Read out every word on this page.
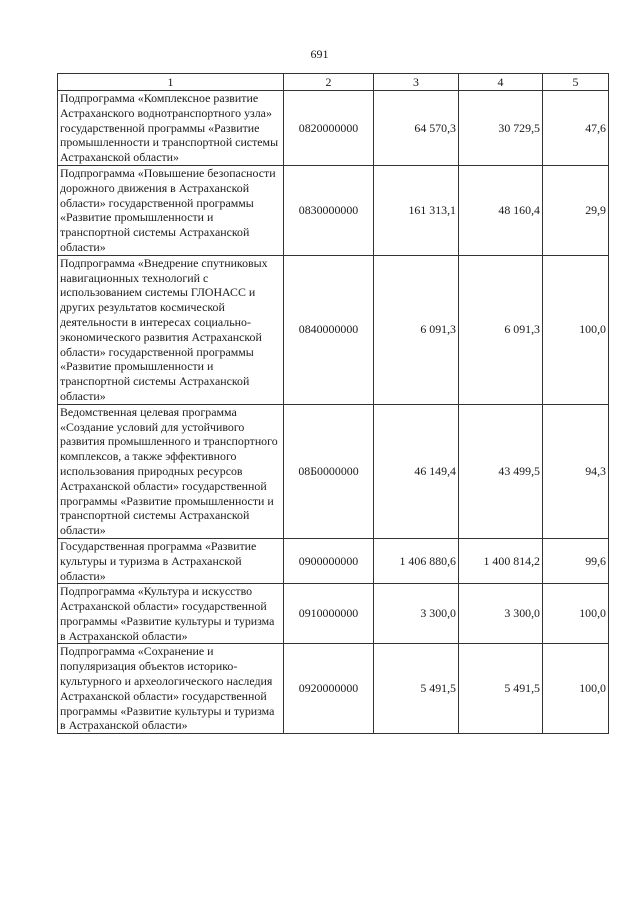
691
1	2	3	4	5
Подпрограмма «Комплексное развитие Астраханского воднотранспортного узла» государственной программы «Развитие промышленности и транспортной системы Астраханской области»	0820000000	64 570,3	30 729,5	47,6
Подпрограмма «Повышение безопасности дорожного движения в Астраханской области» государственной программы «Развитие промышленности и транспортной системы Астраханской области»	0830000000	161 313,1	48 160,4	29,9
Подпрограмма «Внедрение спутниковых навигационных технологий с использованием системы ГЛОНАСС и других результатов космической деятельности в интересах социально-экономического развития Астраханской области» государственной программы «Развитие промышленности и транспортной системы Астраханской области»	0840000000	6 091,3	6 091,3	100,0
Ведомственная целевая программа «Создание условий для устойчивого развития промышленного и транспортного комплексов, а также эффективного использования природных ресурсов Астраханской области» государственной программы «Развитие промышленности и транспортной системы Астраханской области»	08Б0000000	46 149,4	43 499,5	94,3
Государственная программа «Развитие культуры и туризма в Астраханской области»	0900000000	1 406 880,6	1 400 814,2	99,6
Подпрограмма «Культура и искусство Астраханской области» государственной программы «Развитие культуры и туризма в Астраханской области»	0910000000	3 300,0	3 300,0	100,0
Подпрограмма «Сохранение и популяризация объектов историко-культурного и археологического наследия Астраханской области» государственной программы «Развитие культуры и туризма в Астраханской области»	0920000000	5 491,5	5 491,5	100,0
